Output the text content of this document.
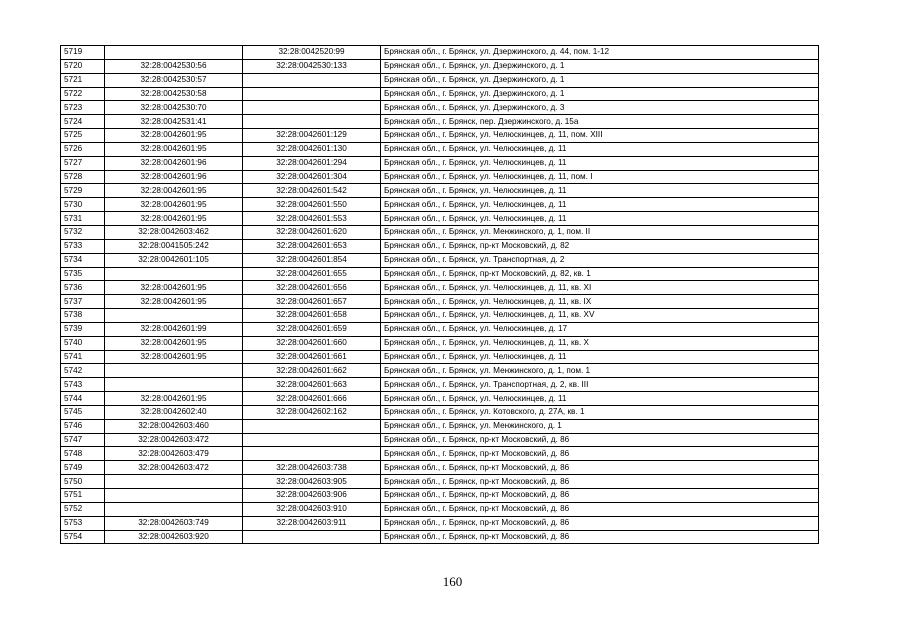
5719		32:28:0042520:99	Брянская обл., г. Брянск, ул. Дзержинского, д. 44, пом. 1-12
5720	32:28:0042530:56	32:28:0042530:133	Брянская обл., г. Брянск, ул. Дзержинского, д. 1
5721	32:28:0042530:57		Брянская обл., г. Брянск, ул. Дзержинского, д. 1
5722	32:28:0042530:58		Брянская обл., г. Брянск, ул. Дзержинского, д. 1
5723	32:28:0042530:70		Брянская обл., г. Брянск, ул. Дзержинского, д. 3
5724	32:28:0042531:41		Брянская обл., г. Брянск, пер. Дзержинского, д. 15а
5725	32:28:0042601:95	32:28:0042601:129	Брянская обл., г. Брянск, ул. Челюскинцев, д. 11, пом. XIII
5726	32:28:0042601:95	32:28:0042601:130	Брянская обл., г. Брянск, ул. Челюскинцев, д. 11
5727	32:28:0042601:96	32:28:0042601:294	Брянская обл., г. Брянск, ул. Челюскинцев, д. 11
5728	32:28:0042601:96	32:28:0042601:304	Брянская обл., г. Брянск, ул. Челюскинцев, д. 11, пом. I
5729	32:28:0042601:95	32:28:0042601:542	Брянская обл., г. Брянск, ул. Челюскинцев, д. 11
5730	32:28:0042601:95	32:28:0042601:550	Брянская обл., г. Брянск, ул. Челюскинцев, д. 11
5731	32:28:0042601:95	32:28:0042601:553	Брянская обл., г. Брянск, ул. Челюскинцев, д. 11
5732	32:28:0042603:462	32:28:0042601:620	Брянская обл., г. Брянск, ул. Менжинского, д. 1, пом. II
5733	32:28:0041505:242	32:28:0042601:653	Брянская обл., г. Брянск, пр-кт Московский, д. 82
5734	32:28:0042601:105	32:28:0042601:854	Брянская обл., г. Брянск, ул. Транспортная, д. 2
5735		32:28:0042601:655	Брянская обл., г. Брянск, пр-кт Московский, д. 82, кв. 1
5736	32:28:0042601:95	32:28:0042601:656	Брянская обл., г. Брянск, ул. Челюскинцев, д. 11, кв. XI
5737	32:28:0042601:95	32:28:0042601:657	Брянская обл., г. Брянск, ул. Челюскинцев, д. 11, кв. IX
5738		32:28:0042601:658	Брянская обл., г. Брянск, ул. Челюскинцев, д. 11, кв. XV
5739	32:28:0042601:99	32:28:0042601:659	Брянская обл., г. Брянск, ул. Челюскинцев, д. 17
5740	32:28:0042601:95	32:28:0042601:660	Брянская обл., г. Брянск, ул. Челюскинцев, д. 11, кв. X
5741	32:28:0042601:95	32:28:0042601:661	Брянская обл., г. Брянск, ул. Челюскинцев, д. 11
5742		32:28:0042601:662	Брянская обл., г. Брянск, ул. Менжинского, д. 1, пом. 1
5743		32:28:0042601:663	Брянская обл., г. Брянск, ул. Транспортная, д. 2, кв. III
5744	32:28:0042601:95	32:28:0042601:666	Брянская обл., г. Брянск, ул. Челюскинцев, д. 11
5745	32:28:0042602:40	32:28:0042602:162	Брянская обл., г. Брянск, ул. Котовского, д. 27А, кв. 1
5746	32:28:0042603:460		Брянская обл., г. Брянск, ул. Менжинского, д. 1
5747	32:28:0042603:472		Брянская обл., г. Брянск, пр-кт Московский, д. 86
5748	32:28:0042603:479		Брянская обл., г. Брянск, пр-кт Московский, д. 86
5749	32:28:0042603:472	32:28:0042603:738	Брянская обл., г. Брянск, пр-кт Московский, д. 86
5750		32:28:0042603:905	Брянская обл., г. Брянск, пр-кт Московский, д. 86
5751		32:28:0042603:906	Брянская обл., г. Брянск, пр-кт Московский, д. 86
5752		32:28:0042603:910	Брянская обл., г. Брянск, пр-кт Московский, д. 86
5753	32:28:0042603:749	32:28:0042603:911	Брянская обл., г. Брянск, пр-кт Московский, д. 86
5754	32:28:0042603:920		Брянская обл., г. Брянск, пр-кт Московский, д. 86
160
